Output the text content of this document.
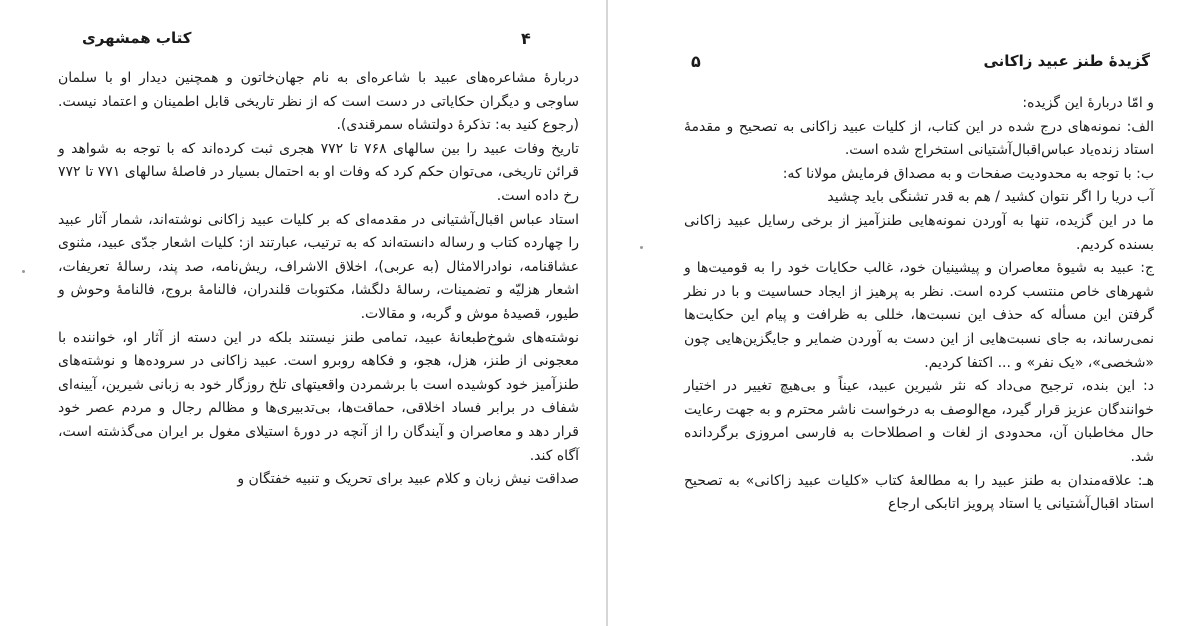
کتاب همشهری	۴

دربارهٔ مشاعره‌های عبید با شاعره‌ای به نام جهان‌خاتون و همچنین دیدار او با سلمان ساوجی و دیگران حکایاتی در دست است که از نظر تاریخی قابل اطمینان و اعتماد نیست. (رجوع کنید به: تذکرهٔ دولتشاه سمرقندی).

تاریخ وفات عبید را بین سالهای ۷۶۸ تا ۷۷۲ هجری ثبت کرده‌اند که با توجه به شواهد و قرائن تاریخی، می‌توان حکم کرد که وفات او به احتمال بسیار در فاصلهٔ سالهای ۷۷۱ تا ۷۷۲ رخ داده است.

استاد عباس اقبال‌آشتیانی در مقدمه‌ای که بر کلیات عبید زاکانی نوشته‌اند، شمار آثار عبید را چهارده کتاب و رساله دانسته‌اند که به ترتیب، عبارتند از: کلیات اشعار جدّی عبید، مثنوی عشاقنامه، نوادرالامثال (به عربی)، اخلاق الاشراف، ریش‌نامه، صد پند، رسالهٔ تعریفات، اشعار هزلیّه و تضمینات، رسالهٔ دلگشا، مکتوبات قلندران، فالنامهٔ بروج، فالنامهٔ وحوش و طیور، قصیدهٔ موش و گربه، و مقالات.

نوشته‌های شوخ‌طبعانهٔ عبید، تمامی طنز نیستند بلکه در این دسته از آثار او، خواننده با معجونی از طنز، هزل، هجو، و فکاهه روبرو است. عبید زاکانی در سروده‌ها و نوشته‌های طنزآمیز خود کوشیده است با برشمردن واقعیتهای تلخ روزگار خود به زبانی شیرین، آیینه‌ای شفاف در برابر فساد اخلاقی، حماقت‌ها، بی‌تدبیری‌ها و مظالم رجال و مردم عصر خود قرار دهد و معاصران و آیندگان را از آنچه در دورهٔ استیلای مغول بر ایران می‌گذشته است، آگاه کند.

صداقت نیش زبان و کلام عبید برای تحریک و تنبیه خفتگان و

گزیدهٔ طنز عبید زاکانی
۵

و امّا دربارهٔ این گزیده:

الف: نمونه‌های درج شده در این کتاب، از کلیات عبید زاکانی به تصحیح و مقدمهٔ استاد زنده‌یاد عباس‌اقبال‌آشتیانی استخراج شده است.

ب: با توجه به محدودیت صفحات و به مصداق فرمایش مولانا که:

آب دریا را اگر نتوان کشید / هم به قدر تشنگی باید چشید

ما در این گزیده، تنها به آوردن نمونه‌هایی طنزآمیز از برخی رسایل عبید زاکانی بسنده کردیم.

ج: عبید به شیوهٔ معاصران و پیشینیان خود، غالب حکایات خود را به قومیت‌ها و شهرهای خاص منتسب کرده است. نظر به پرهیز از ایجاد حساسیت و با در نظر گرفتن این مسأله که حذف این نسبت‌ها، خللی به ظرافت و پیام این حکایت‌ها نمی‌رساند، به جای نسبت‌هایی از این دست به آوردن ضمایر و جایگزین‌هایی چون «شخصی»، «یک نفر» و ... اکتفا کردیم.

د: این بنده، ترجیح می‌داد که نثر شیرین عبید، عیناً و بی‌هیچ تغییر در اختیار خوانندگان عزیز قرار گیرد، مع‌الوصف به درخواست ناشر محترم و به جهت رعایت حال مخاطبان آن، محدودی از لغات و اصطلاحات به فارسی امروزی برگردانده شد.

هـ: علاقه‌مندان به طنز عبید را به مطالعهٔ کتاب «کلیات عبید زاکانی» به تصحیح استاد اقبال‌آشتیانی یا استاد پرویز اتابکی ارجاع
